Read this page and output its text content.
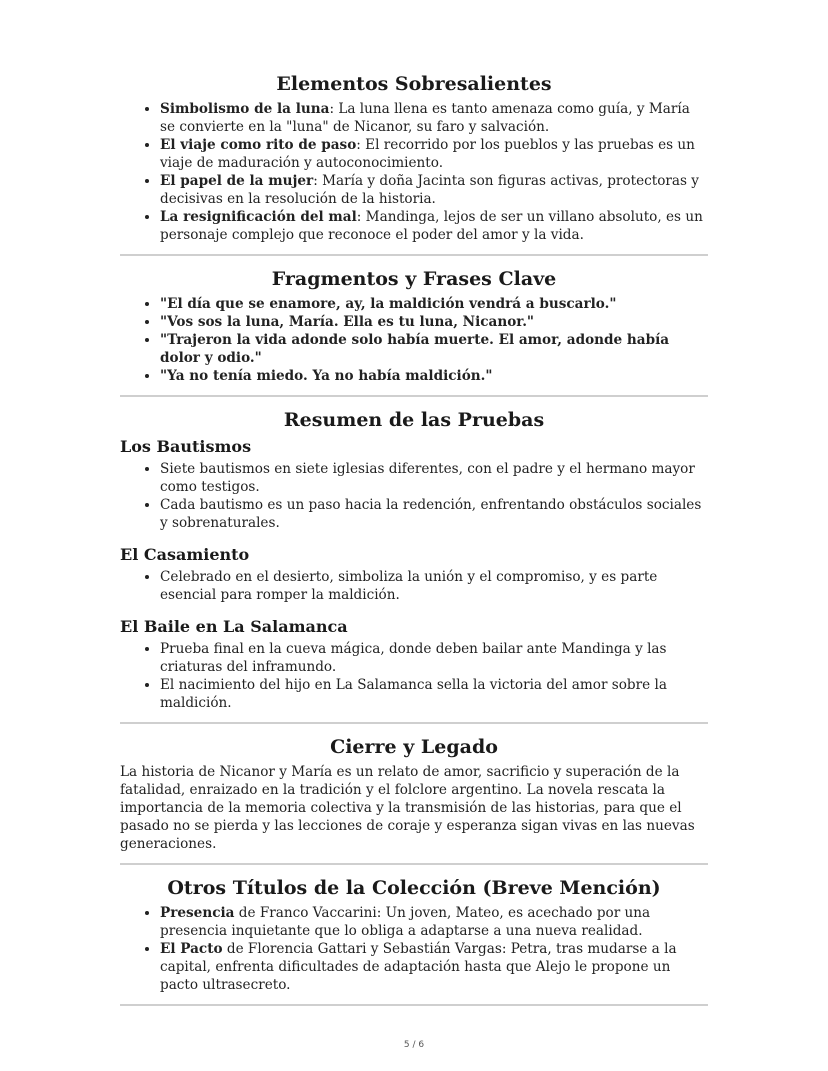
Elementos Sobresalientes
• Simbolismo de la luna: La luna llena es tanto amenaza como guía, y María se convierte en la "luna" de Nicanor, su faro y salvación.
• El viaje como rito de paso: El recorrido por los pueblos y las pruebas es un viaje de maduración y autoconocimiento.
• El papel de la mujer: María y doña Jacinta son figuras activas, protectoras y decisivas en la resolución de la historia.
• La resignificación del mal: Mandinga, lejos de ser un villano absoluto, es un personaje complejo que reconoce el poder del amor y la vida.
Fragmentos y Frases Clave
• "El día que se enamore, ay, la maldición vendrá a buscarlo."
• "Vos sos la luna, María. Ella es tu luna, Nicanor."
• "Trajeron la vida adonde solo había muerte. El amor, adonde había dolor y odio."
• "Ya no tenía miedo. Ya no había maldición."
Resumen de las Pruebas
Los Bautismos
• Siete bautismos en siete iglesias diferentes, con el padre y el hermano mayor como testigos.
• Cada bautismo es un paso hacia la redención, enfrentando obstáculos sociales y sobrenaturales.
El Casamiento
• Celebrado en el desierto, simboliza la unión y el compromiso, y es parte esencial para romper la maldición.
El Baile en La Salamanca
• Prueba final en la cueva mágica, donde deben bailar ante Mandinga y las criaturas del inframundo.
• El nacimiento del hijo en La Salamanca sella la victoria del amor sobre la maldición.
Cierre y Legado

La historia de Nicanor y María es un relato de amor, sacrificio y superación de la fatalidad, enraizado en la tradición y el folclore argentino. La novela rescata la importancia de la memoria colectiva y la transmisión de las historias, para que el pasado no se pierda y las lecciones de coraje y esperanza sigan vivas en las nuevas generaciones.

Otros Títulos de la Colección (Breve Mención)
• Presencia de Franco Vaccarini: Un joven, Mateo, es acechado por una presencia inquietante que lo obliga a adaptarse a una nueva realidad.
• El Pacto de Florencia Gattari y Sebastián Vargas: Petra, tras mudarse a la capital, enfrenta dificultades de adaptación hasta que Alejo le propone un pacto ultrasecreto.
5 / 6
